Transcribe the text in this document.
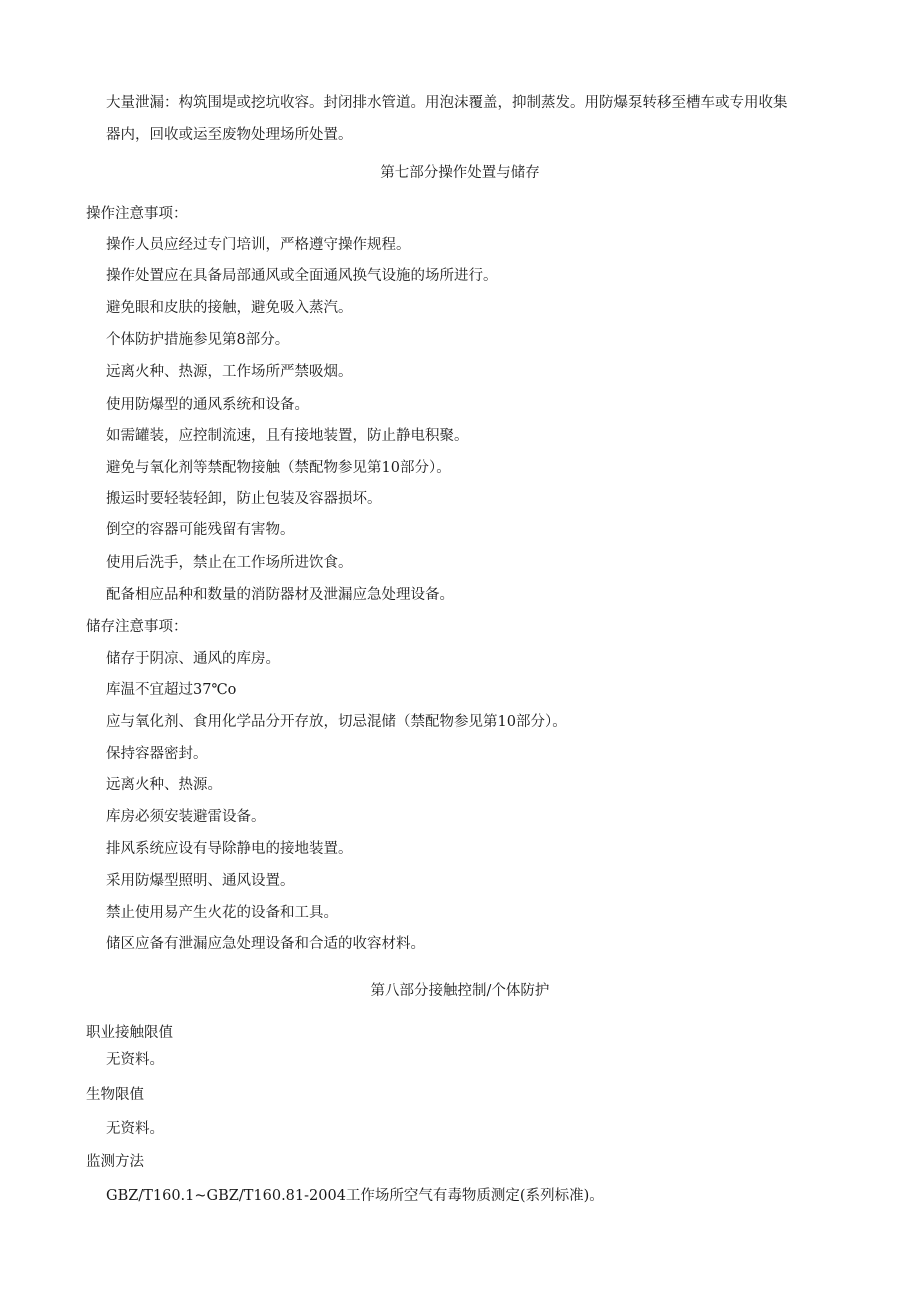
大量泄漏：构筑围堤或挖坑收容。封闭排水管道。用泡沫覆盖，抑制蒸发。用防爆泵转移至槽车或专用收集

器内，回收或运至废物处理场所处置。

第七部分操作处置与储存

操作注意事项：

操作人员应经过专门培训，严格遵守操作规程。

操作处置应在具备局部通风或全面通风换气设施的场所进行。

避免眼和皮肤的接触，避免吸入蒸汽。

个体防护措施参见第8部分。

远离火种、热源，工作场所严禁吸烟。

使用防爆型的通风系统和设备。

如需罐装，应控制流速，且有接地装置，防止静电积聚。

避免与氧化剂等禁配物接触（禁配物参见第10部分）。

搬运时要轻装轻卸，防止包装及容器损坏。

倒空的容器可能残留有害物。

使用后洗手，禁止在工作场所进饮食。

配备相应品种和数量的消防器材及泄漏应急处理设备。

储存注意事项：

储存于阴凉、通风的库房。

库温不宜超过37℃o

应与氧化剂、食用化学品分开存放，切忌混储（禁配物参见第10部分）。

保持容器密封。

远离火种、热源。

库房必须安装避雷设备。

排风系统应设有导除静电的接地装置。

采用防爆型照明、通风设置。

禁止使用易产生火花的设备和工具。

储区应备有泄漏应急处理设备和合适的收容材料。

第八部分接触控制/个体防护

职业接触限值

无资料。

生物限值

无资料。

监测方法

GBZ/T160.1~GBZ/T160.81-2004工作场所空气有毒物质测定(系列标准)。
